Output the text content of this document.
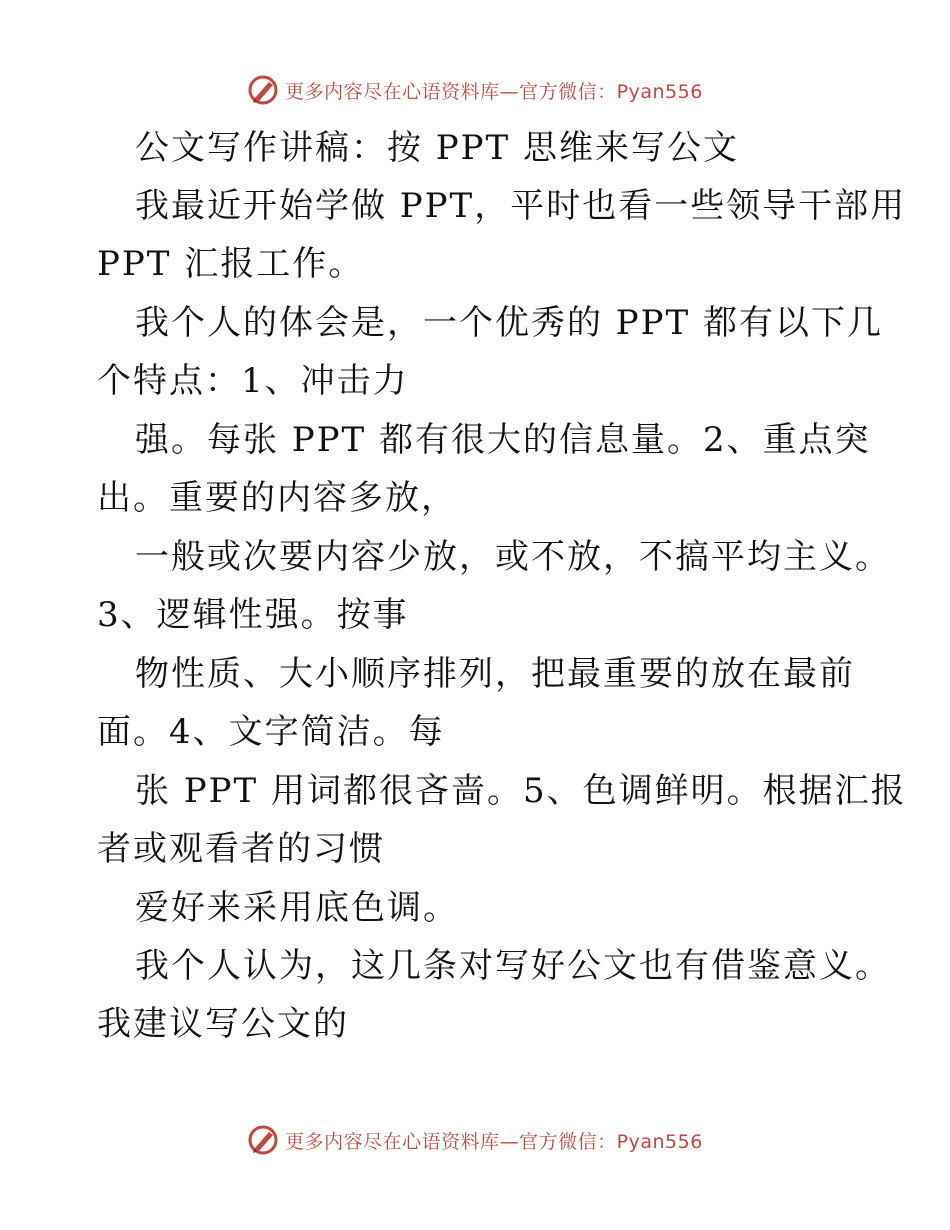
更多内容尽在心语资料库—官方微信：Pyan556
公文写作讲稿：按 PPT 思维来写公文
我最近开始学做 PPT，平时也看一些领导干部用
PPT 汇报工作。
我个人的体会是，一个优秀的 PPT 都有以下几
个特点：1、冲击力
强。每张 PPT 都有很大的信息量。2、重点突
出。重要的内容多放，
一般或次要内容少放，或不放，不搞平均主义。
3、逻辑性强。按事
物性质、大小顺序排列，把最重要的放在最前
面。4、文字简洁。每
张 PPT 用词都很吝啬。5、色调鲜明。根据汇报
者或观看者的习惯
爱好来采用底色调。
我个人认为，这几条对写好公文也有借鉴意义。
我建议写公文的
更多内容尽在心语资料库—官方微信：Pyan556
